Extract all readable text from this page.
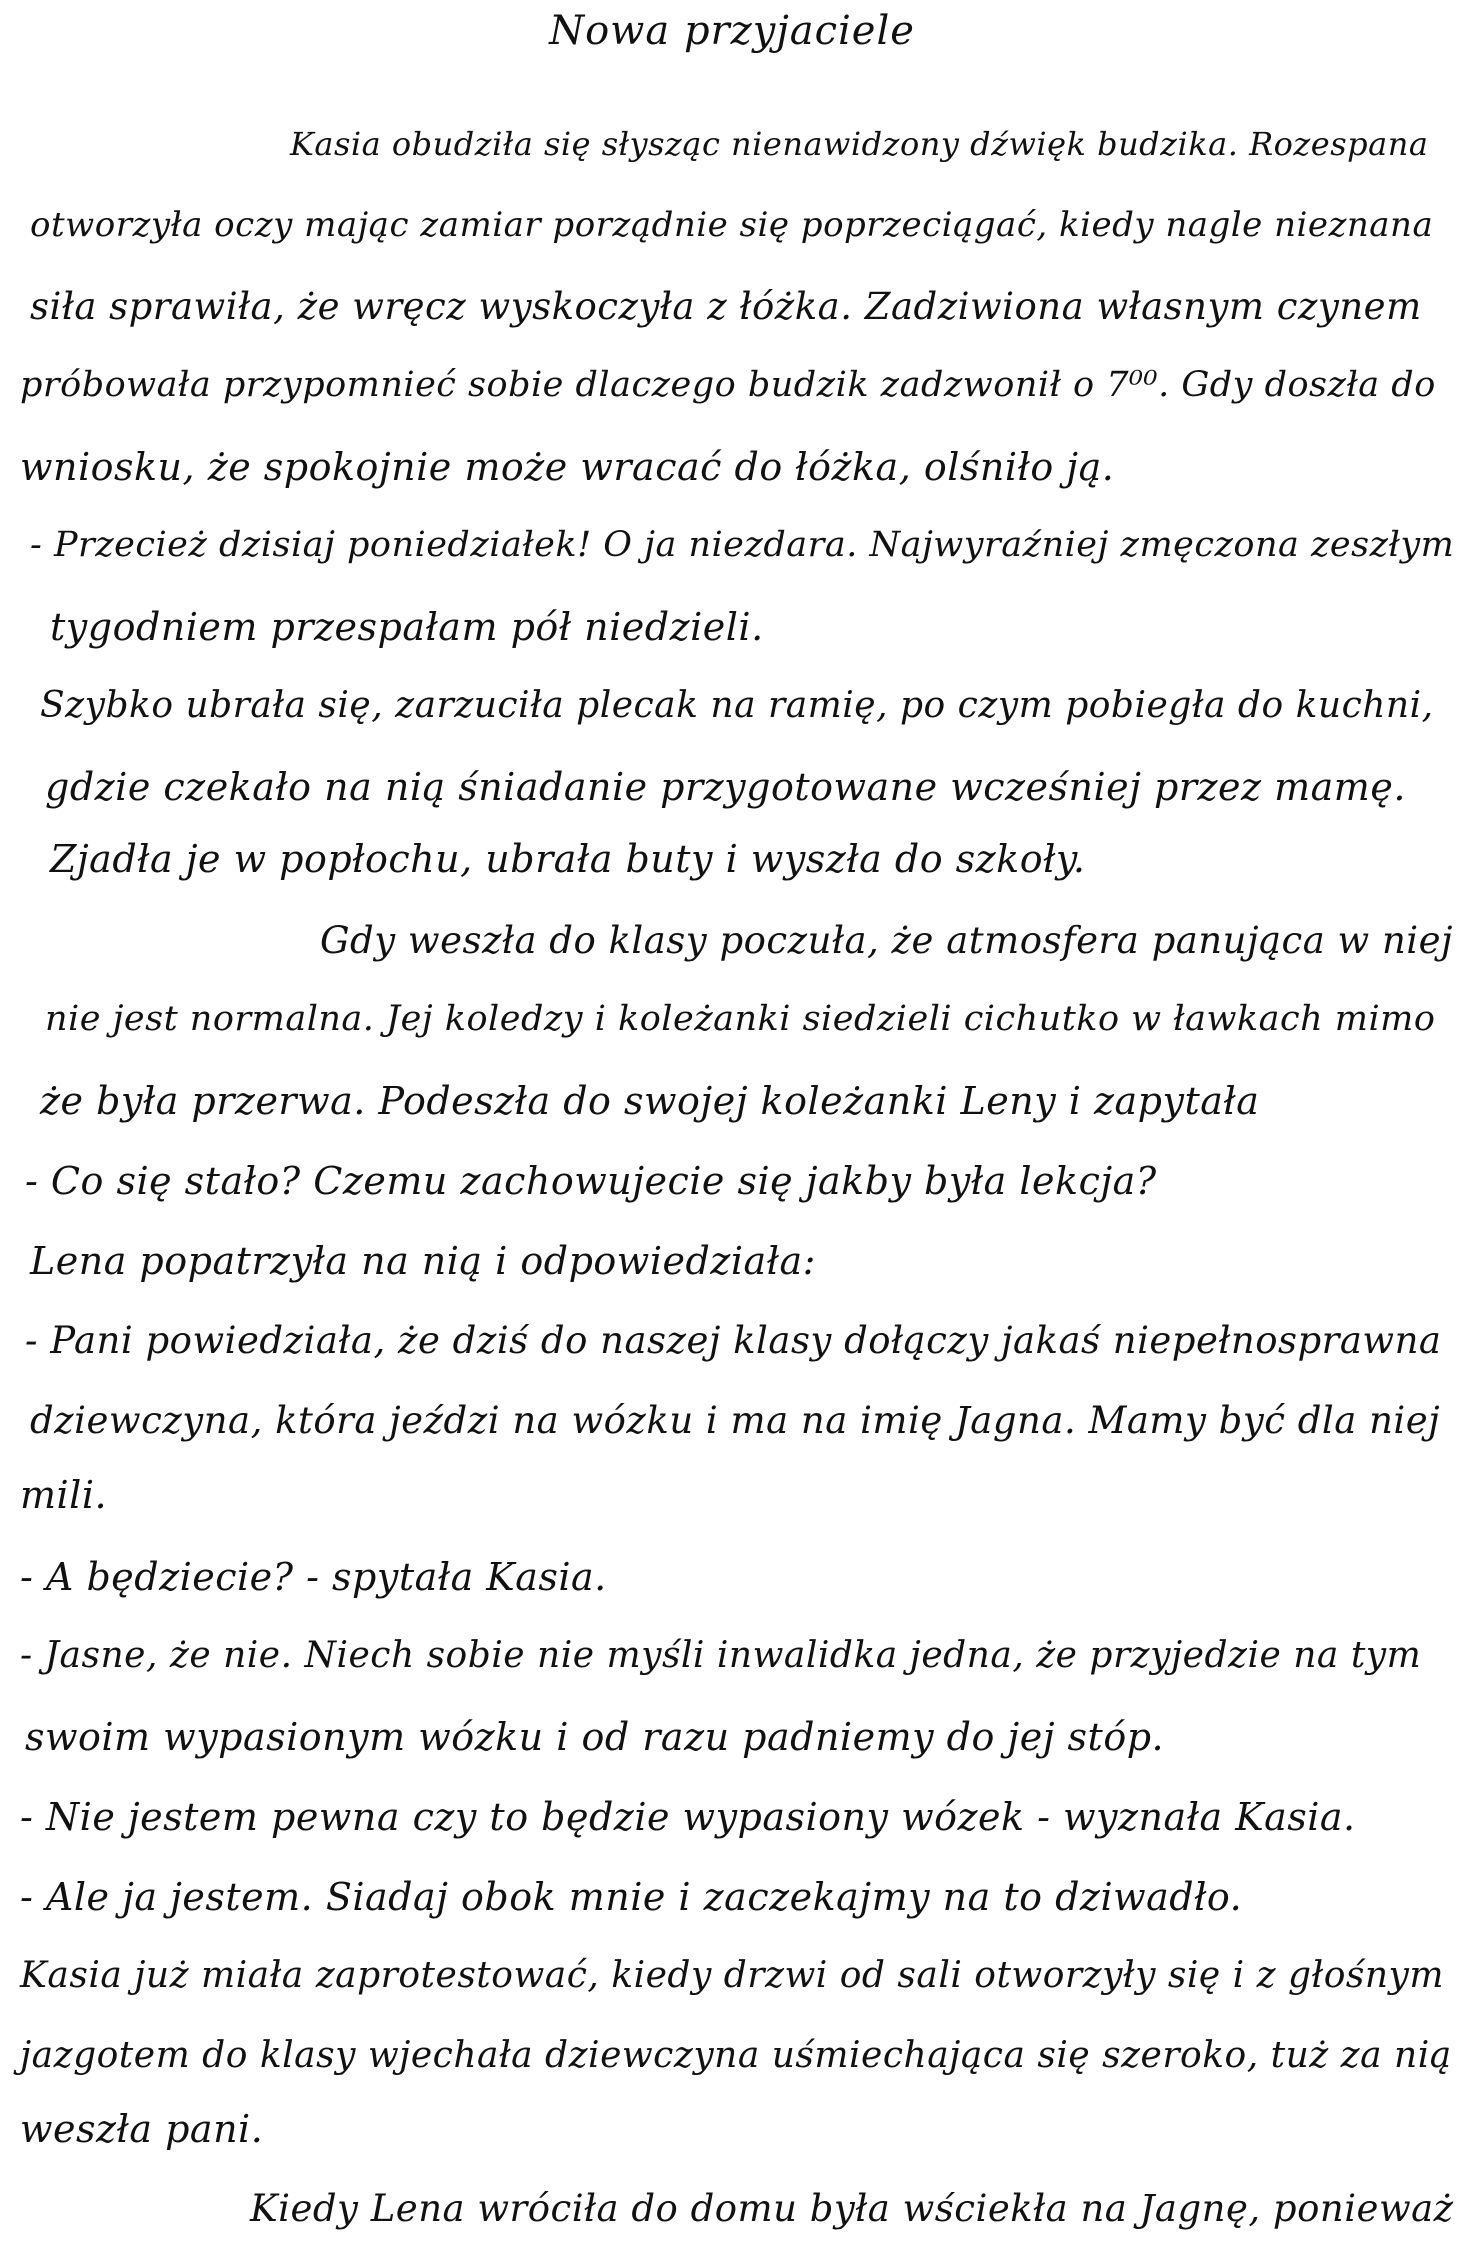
Nowa przyjaciele
Kasia obudziła się słysząc nienawidzony dźwięk budzika. Rozespana
otworzyła oczy mając zamiar porządnie się poprzeciągać, kiedy nagle nieznana
siła sprawiła, że wręcz wyskoczyła z łóżka. Zadziwiona własnym czynem
próbowała przypomnieć sobie dlaczego budzik zadzwonił o 7⁰⁰. Gdy doszła do
wniosku, że spokojnie może wracać do łóżka, olśniło ją.
- Przecież dzisiaj poniedziałek! O ja niezdara. Najwyraźniej zmęczona zeszłym
tygodniem przespałam pół niedzieli.
Szybko ubrała się, zarzuciła plecak na ramię, po czym pobiegła do kuchni,
gdzie czekało na nią śniadanie przygotowane wcześniej przez mamę.
Zjadła je w popłochu, ubrała buty i wyszła do szkoły.
Gdy weszła do klasy poczuła, że atmosfera panująca w niej
nie jest normalna. Jej koledzy i koleżanki siedzieli cichutko w ławkach mimo
że była przerwa. Podeszła do swojej koleżanki Leny i zapytała
- Co się stało? Czemu zachowujecie się jakby była lekcja?
Lena popatrzyła na nią i odpowiedziała:
- Pani powiedziała, że dziś do naszej klasy dołączy jakaś niepełnosprawna
dziewczyna, która jeździ na wózku i ma na imię Jagna. Mamy być dla niej
mili.
- A będziecie? - spytała Kasia.
- Jasne, że nie. Niech sobie nie myśli inwalidka jedna, że przyjedzie na tym
swoim wypasionym wózku i od razu padniemy do jej stóp.
- Nie jestem pewna czy to będzie wypasiony wózek - wyznała Kasia.
- Ale ja jestem. Siadaj obok mnie i zaczekajmy na to dziwadło.
Kasia już miała zaprotestować, kiedy drzwi od sali otworzyły się i z głośnym
jazgotem do klasy wjechała dziewczyna uśmiechająca się szeroko, tuż za nią
weszła pani.
Kiedy Lena wróciła do domu była wściekła na Jagnę, ponieważ
